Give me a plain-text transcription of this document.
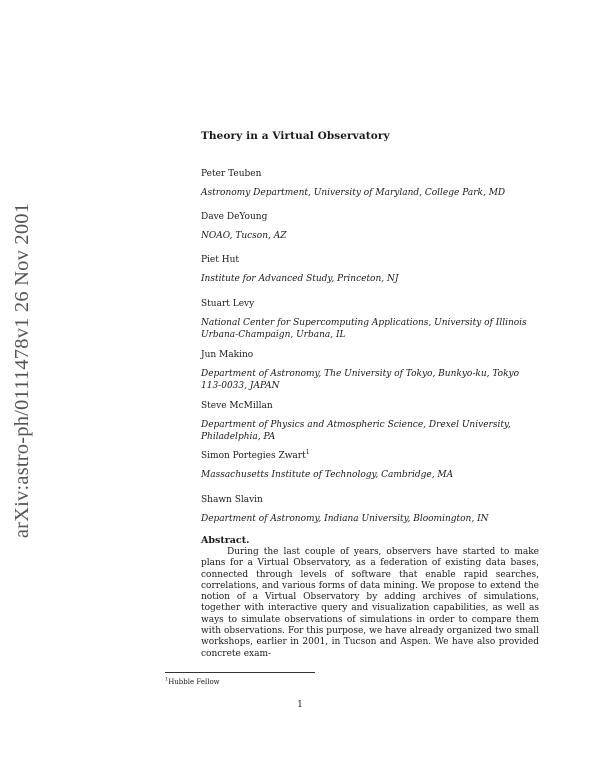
arXiv:astro-ph/0111478v1 26 Nov 2001
Theory in a Virtual Observatory

Peter Teuben

Astronomy Department, University of Maryland, College Park, MD

Dave DeYoung

NOAO, Tucson, AZ

Piet Hut

Institute for Advanced Study, Princeton, NJ

Stuart Levy

National Center for Supercomputing Applications, University of Illinois Urbana-Champaign, Urbana, IL

Jun Makino

Department of Astronomy, The University of Tokyo, Bunkyo-ku, Tokyo 113-0033, JAPAN

Steve McMillan

Department of Physics and Atmospheric Science, Drexel University, Philadelphia, PA

Simon Portegies Zwart$^1$

Massachusetts Institute of Technology, Cambridge, MA

Shawn Slavin

Department of Astronomy, Indiana University, Bloomington, IN

Abstract.

During the last couple of years, observers have started to make plans for a Virtual Observatory, as a federation of existing data bases, connected through levels of software that enable rapid searches, correlations, and various forms of data mining. We propose to extend the notion of a Virtual Observatory by adding archives of simulations, together with interactive query and visualization capabilities, as well as ways to simulate observations of simulations in order to compare them with observations. For this purpose, we have already organized two small workshops, earlier in 2001, in Tucson and Aspen. We have also provided concrete exam-

$^1$Hubble Fellow

1
